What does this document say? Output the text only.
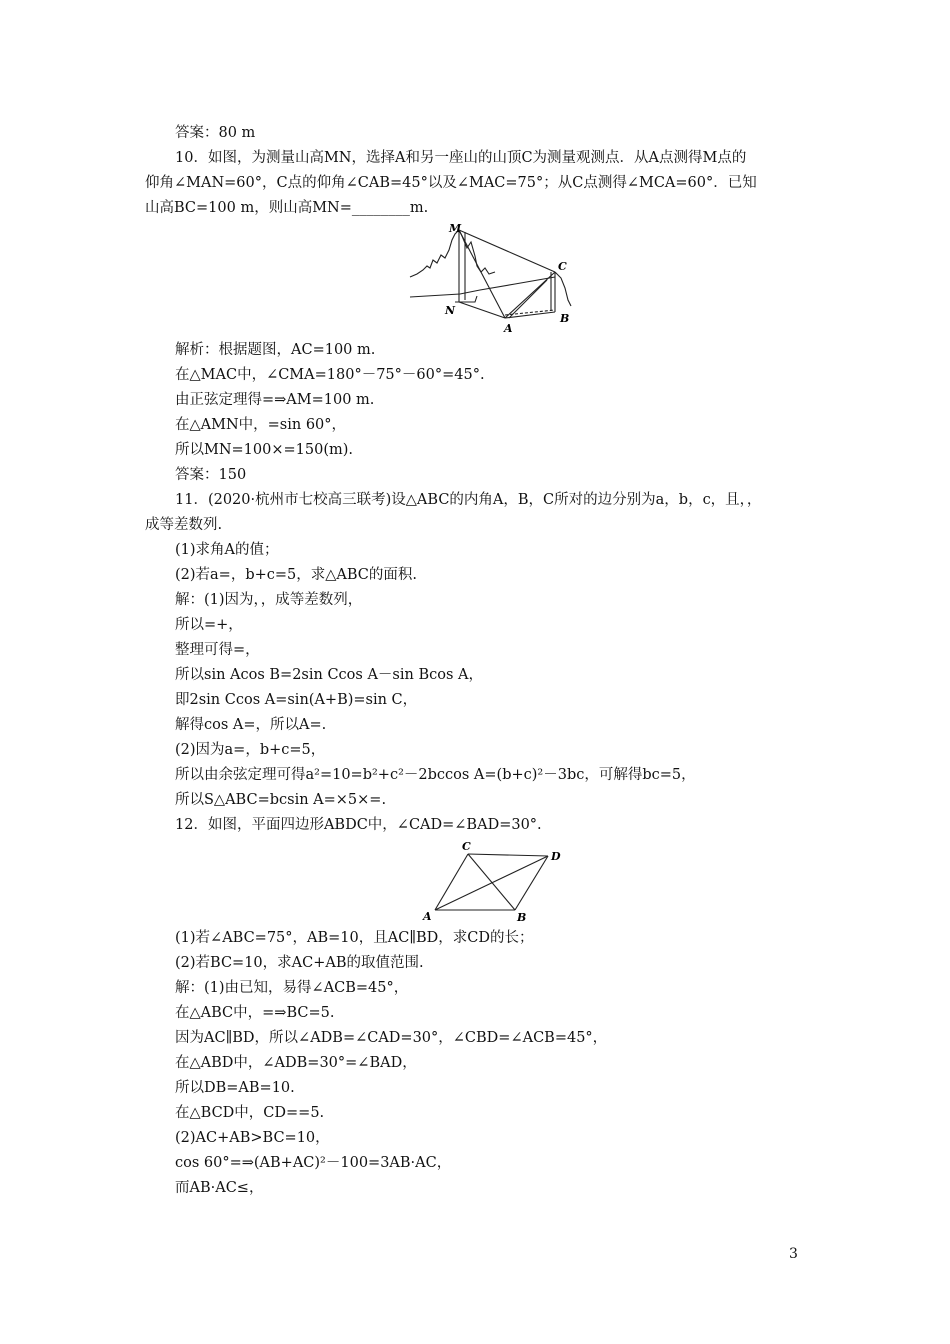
答案：80 m
10．如图，为测量山高MN，选择A和另一座山的山顶C为测量观测点．从A点测得M点的
仰角∠MAN=60°，C点的仰角∠CAB=45°以及∠MAC=75°；从C点测得∠MCA=60°．已知
山高BC=100 m，则山高MN=________m.
M
C
N
A
B
解析：根据题图，AC=100 m.
在△MAC中，∠CMA=180°－75°－60°=45°.
由正弦定理得=⇒AM=100 m.
在△AMN中，=sin 60°，
所以MN=100×=150(m).
答案：150
11．(2020·杭州市七校高三联考)设△ABC的内角A，B，C所对的边分别为a，b，c，且，，
成等差数列.
(1)求角A的值；
(2)若a=，b+c=5，求△ABC的面积.
解：(1)因为，，成等差数列，
所以=+，
整理可得=，
所以sin Acos B=2sin Ccos A－sin Bcos A，
即2sin Ccos A=sin(A+B)=sin C，
解得cos A=，所以A=.
(2)因为a=，b+c=5，
所以由余弦定理可得a²=10=b²+c²－2bccos A=(b+c)²－3bc，可解得bc=5，
所以S△ABC=bcsin A=×5×=.
12．如图，平面四边形ABDC中，∠CAD=∠BAD=30°.
C
D
A	B
(1)若∠ABC=75°，AB=10，且AC∥BD，求CD的长；
(2)若BC=10，求AC+AB的取值范围.
解：(1)由已知，易得∠ACB=45°，
在△ABC中，=⇒BC=5.
因为AC∥BD，所以∠ADB=∠CAD=30°，∠CBD=∠ACB=45°，
在△ABD中，∠ADB=30°=∠BAD，
所以DB=AB=10.
在△BCD中，CD==5.
(2)AC+AB>BC=10，
cos 60°=⇒(AB+AC)²－100=3AB·AC，
而AB·AC≤，
3
